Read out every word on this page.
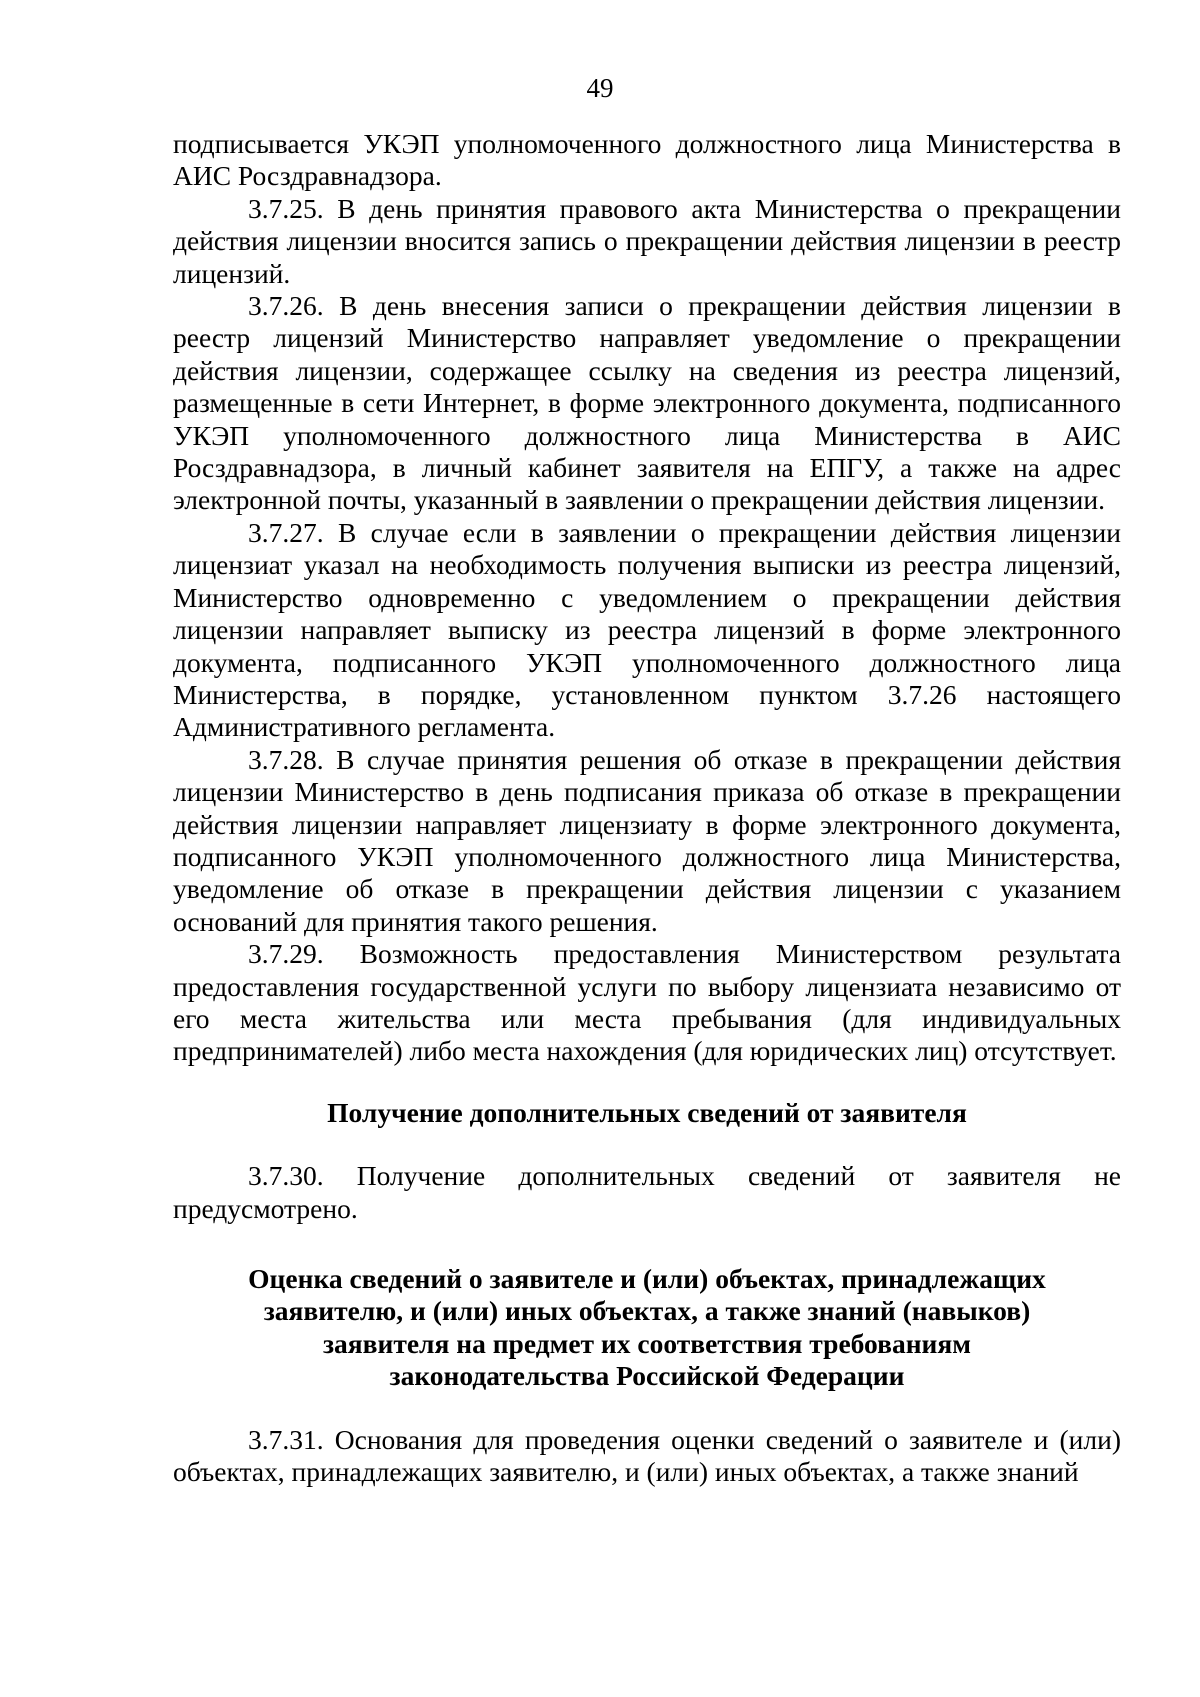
49

подписывается УКЭП уполномоченного должностного лица Министерства в АИС Росздравнадзора.

3.7.25. В день принятия правового акта Министерства о прекращении действия лицензии вносится запись о прекращении действия лицензии в реестр лицензий.

3.7.26. В день внесения записи о прекращении действия лицензии в реестр лицензий Министерство направляет уведомление о прекращении действия лицензии, содержащее ссылку на сведения из реестра лицензий, размещенные в сети Интернет, в форме электронного документа, подписанного УКЭП уполномоченного должностного лица Министерства в АИС Росздравнадзора, в личный кабинет заявителя на ЕПГУ, а также на адрес электронной почты, указанный в заявлении о прекращении действия лицензии.

3.7.27. В случае если в заявлении о прекращении действия лицензии лицензиат указал на необходимость получения выписки из реестра лицензий, Министерство одновременно с уведомлением о прекращении действия лицензии направляет выписку из реестра лицензий в форме электронного документа, подписанного УКЭП уполномоченного должностного лица Министерства, в порядке, установленном пунктом 3.7.26 настоящего Административного регламента.

3.7.28. В случае принятия решения об отказе в прекращении действия лицензии Министерство в день подписания приказа об отказе в прекращении действия лицензии направляет лицензиату в форме электронного документа, подписанного УКЭП уполномоченного должностного лица Министерства, уведомление об отказе в прекращении действия лицензии с указанием оснований для принятия такого решения.

3.7.29. Возможность предоставления Министерством результата предоставления государственной услуги по выбору лицензиата независимо от его места жительства или места пребывания (для индивидуальных предпринимателей) либо места нахождения (для юридических лиц) отсутствует.

Получение дополнительных сведений от заявителя

3.7.30. Получение дополнительных сведений от заявителя не предусмотрено.

Оценка сведений о заявителе и (или) объектах, принадлежащих заявителю, и (или) иных объектах, а также знаний (навыков) заявителя на предмет их соответствия требованиям законодательства Российской Федерации

3.7.31. Основания для проведения оценки сведений о заявителе и (или) объектах, принадлежащих заявителю, и (или) иных объектах, а также знаний
